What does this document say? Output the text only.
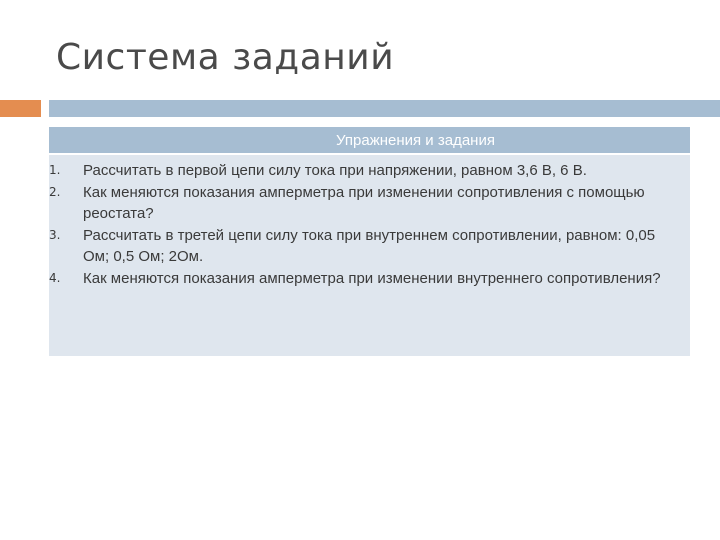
Система заданий
Упражнения и задания
1.	Рассчитать в первой цепи силу тока при напряжении, равном 3,6 В, 6 В.
2.	Как меняются показания амперметра при изменении сопротивления с помощью реостата?
3.	Рассчитать в третей цепи силу тока при внутреннем сопротивлении, равном: 0,05 Ом; 0,5 Ом; 2Ом.
4.	Как меняются показания амперметра при изменении внутреннего сопротивления?
